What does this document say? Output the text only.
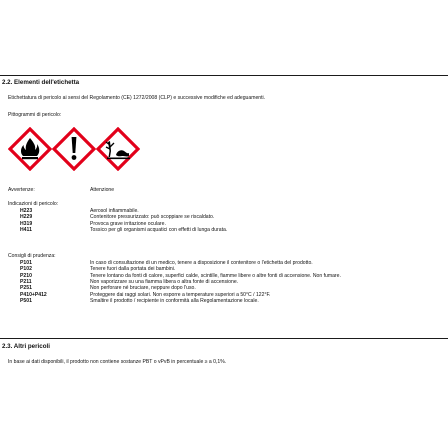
2.2. Elementi dell'etichetta
Etichettatura di pericolo ai sensi del Regolamento (CE) 1272/2008 (CLP) e successive modifiche ed adeguamenti.
Pittogrammi di pericolo:
Avvertenze:	Attenzione
Indicazioni di pericolo:
H223	Aerosol infiammabile.
H229	Contenitore pressurizzato: può scoppiare se riscaldato.
H319	Provoca grave irritazione oculare.
H411	Tossico per gli organismi acquatici con effetti di lunga durata.
Consigli di prudenza:
P101	In caso di consultazione di un medico, tenere a disposizione il contenitore o l'etichetta del prodotto.
P102	Tenere fuori dalla portata dei bambini.
P210	Tenere lontano da fonti di calore, superfici calde, scintille, fiamme libere o altre fonti di accensione. Non fumare.
P211	Non vaporizzare su una fiamma libera o altra fonte di accensione.
P251	Non perforare né bruciare, neppure dopo l'uso.
P410+P412	Proteggere dai raggi solari. Non esporre a temperature superiori a 50°C / 122°F.
P501	Smaltire il prodotto / recipiente in conformità alla Regolamentazione locale.
2.3. Altri pericoli
In base ai dati disponibili, il prodotto non contiene sostanze PBT o vPvB in percentuale ≥ a 0,1%.
